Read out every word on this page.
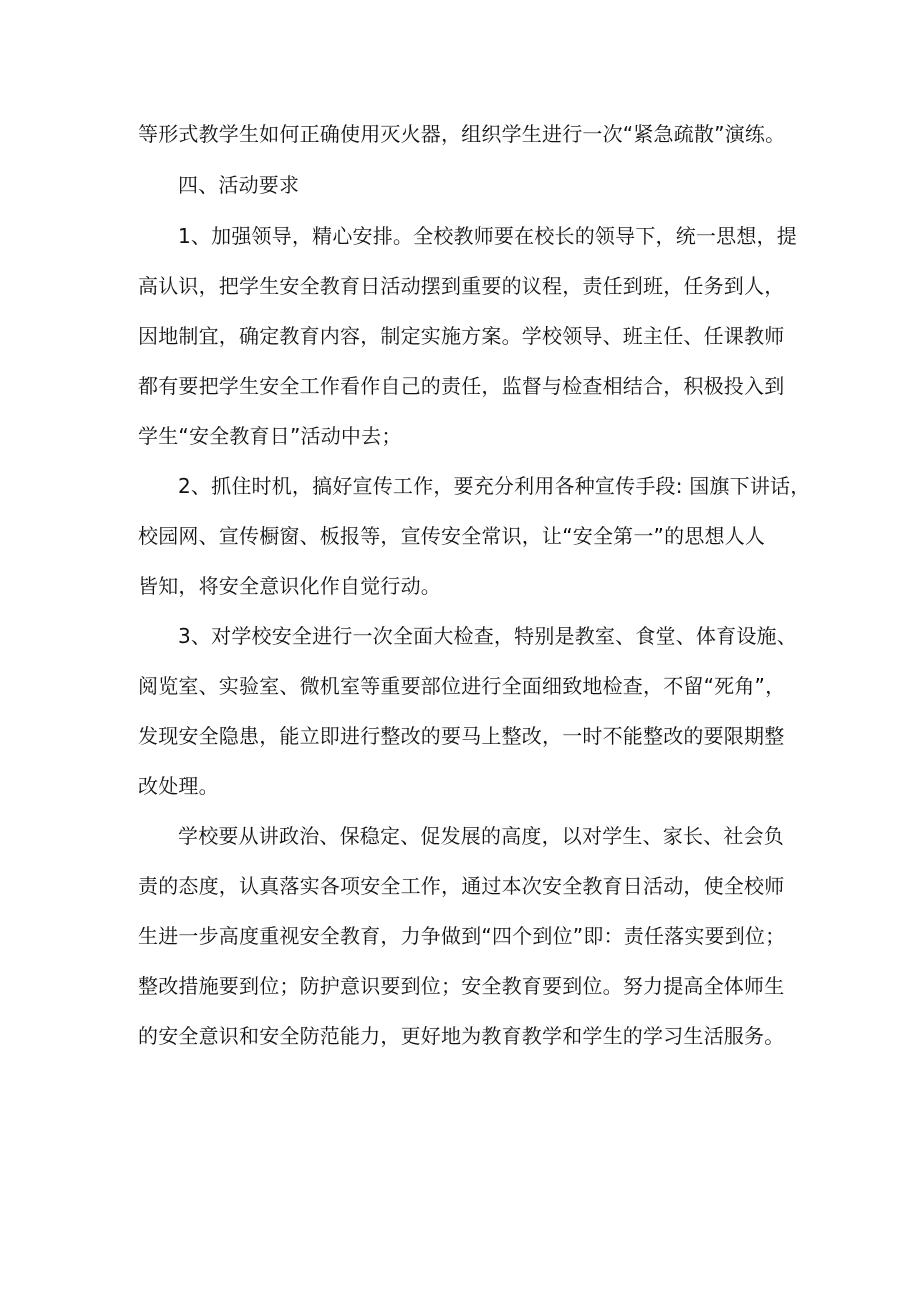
等形式教学生如何正确使用灭火器，组织学生进行一次“紧急疏散”演练。
四、活动要求
1、加强领导，精心安排。全校教师要在校长的领导下，统一思想，提
高认识，把学生安全教育日活动摆到重要的议程，责任到班，任务到人，
因地制宜，确定教育内容，制定实施方案。学校领导、班主任、任课教师
都有要把学生安全工作看作自己的责任，监督与检查相结合，积极投入到
学生“安全教育日”活动中去；
2、抓住时机，搞好宣传工作，要充分利用各种宣传手段: 国旗下讲话，
校园网、宣传橱窗、板报等，宣传安全常识，让“安全第一”的思想人人
皆知，将安全意识化作自觉行动。
3、对学校安全进行一次全面大检查，特别是教室、食堂、体育设施、
阅览室、实验室、微机室等重要部位进行全面细致地检查，不留“死角”，
发现安全隐患，能立即进行整改的要马上整改，一时不能整改的要限期整
改处理。
学校要从讲政治、保稳定、促发展的高度，以对学生、家长、社会负
责的态度，认真落实各项安全工作，通过本次安全教育日活动，使全校师
生进一步高度重视安全教育，力争做到“四个到位”即：责任落实要到位；
整改措施要到位；防护意识要到位；安全教育要到位。努力提高全体师生
的安全意识和安全防范能力，更好地为教育教学和学生的学习生活服务。
